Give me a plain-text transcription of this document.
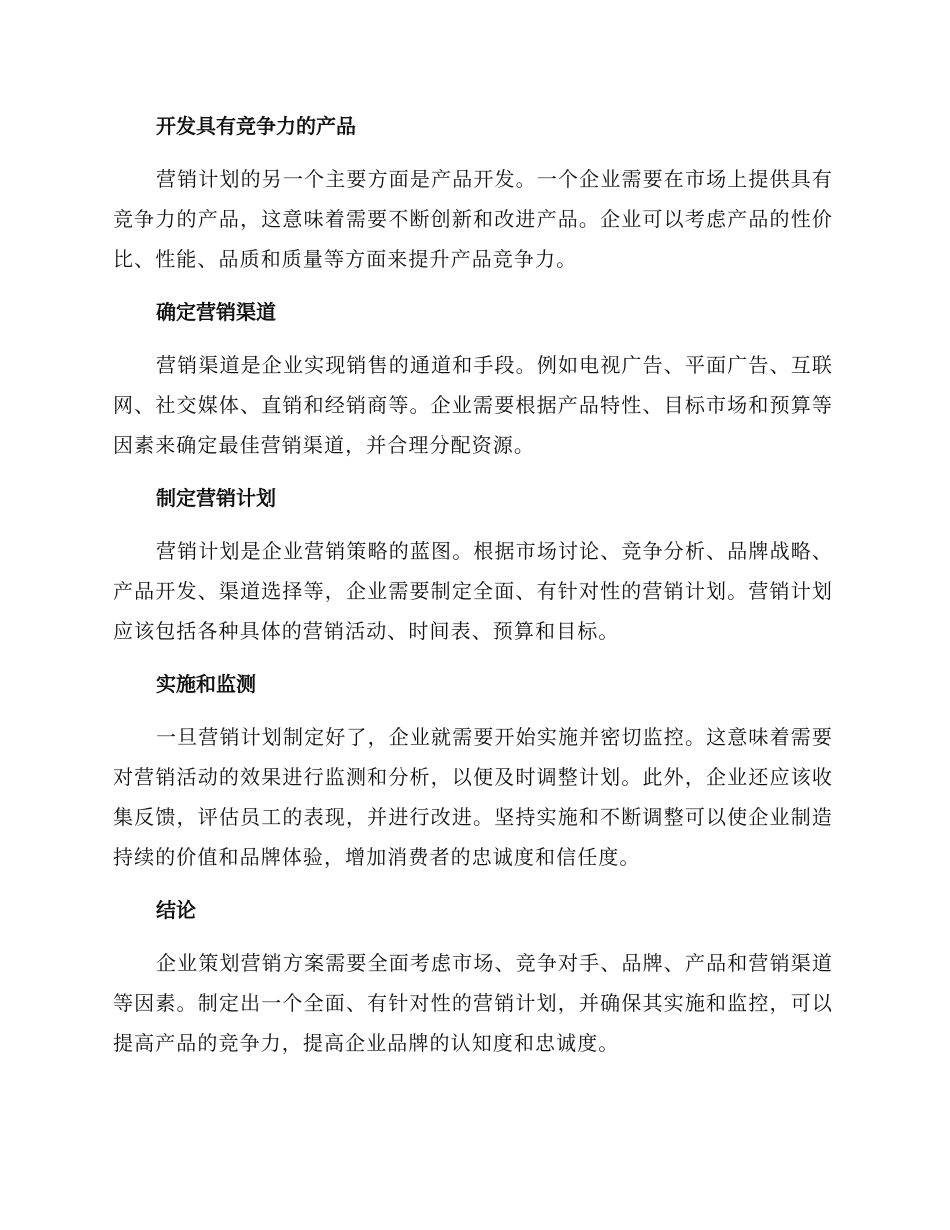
开发具有竞争力的产品

营销计划的另一个主要方面是产品开发。一个企业需要在市场上提供具有竞争力的产品，这意味着需要不断创新和改进产品。企业可以考虑产品的性价比、性能、品质和质量等方面来提升产品竞争力。

确定营销渠道

营销渠道是企业实现销售的通道和手段。例如电视广告、平面广告、互联网、社交媒体、直销和经销商等。企业需要根据产品特性、目标市场和预算等因素来确定最佳营销渠道，并合理分配资源。

制定营销计划

营销计划是企业营销策略的蓝图。根据市场讨论、竞争分析、品牌战略、产品开发、渠道选择等，企业需要制定全面、有针对性的营销计划。营销计划应该包括各种具体的营销活动、时间表、预算和目标。

实施和监测

一旦营销计划制定好了，企业就需要开始实施并密切监控。这意味着需要对营销活动的效果进行监测和分析，以便及时调整计划。此外，企业还应该收集反馈，评估员工的表现，并进行改进。坚持实施和不断调整可以使企业制造持续的价值和品牌体验，增加消费者的忠诚度和信任度。

结论

企业策划营销方案需要全面考虑市场、竞争对手、品牌、产品和营销渠道等因素。制定出一个全面、有针对性的营销计划，并确保其实施和监控，可以提高产品的竞争力，提高企业品牌的认知度和忠诚度。
